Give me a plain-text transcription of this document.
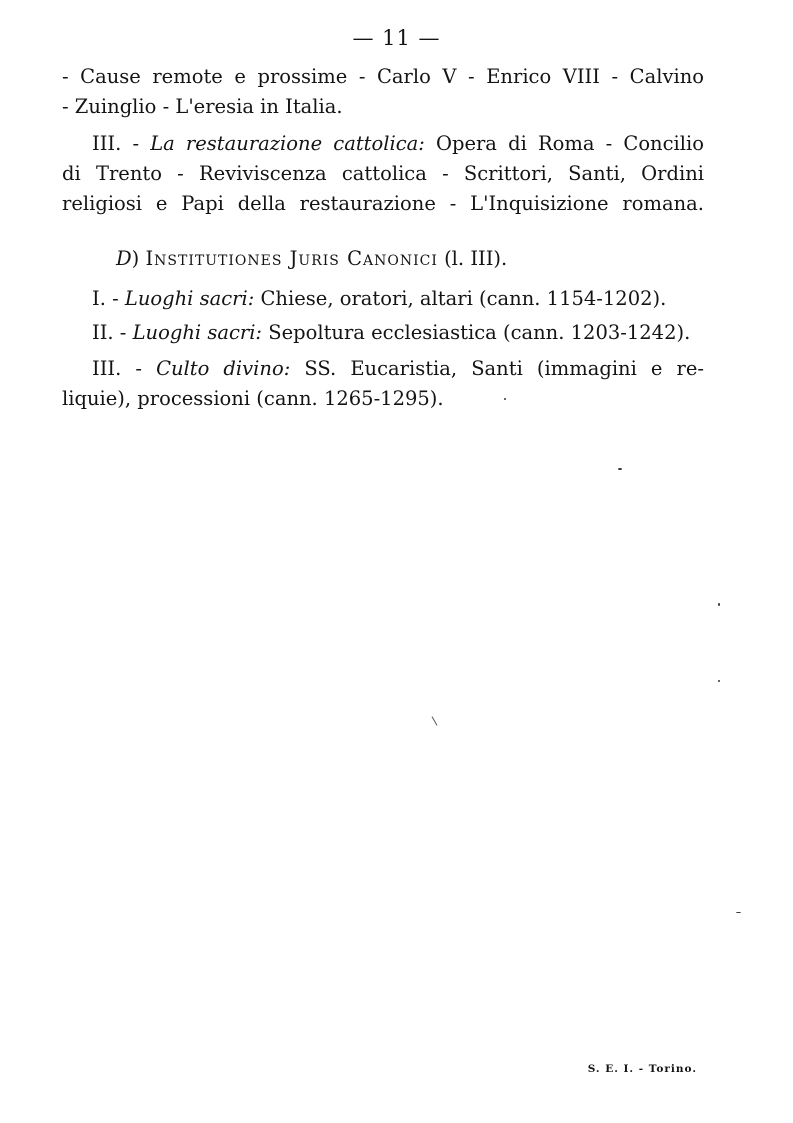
— 11 —
- Cause remote e prossime - Carlo V - Enrico VIII - Calvino
- Zuinglio - L'eresia in Italia.
III. - La restaurazione cattolica: Opera di Roma - Concilio
di Trento - Reviviscenza cattolica - Scrittori, Santi, Ordini
religiosi e Papi della restaurazione - L'Inquisizione romana.
D) Institutiones Juris Canonici (l. III).
I. - Luoghi sacri: Chiese, oratori, altari (cann. 1154-1202).
II. - Luoghi sacri: Sepoltura ecclesiastica (cann. 1203-1242).
III. - Culto divino: SS. Eucaristia, Santi (immagini e re-
liquie), processioni (cann. 1265-1295).
S. E. I. - Torino.
